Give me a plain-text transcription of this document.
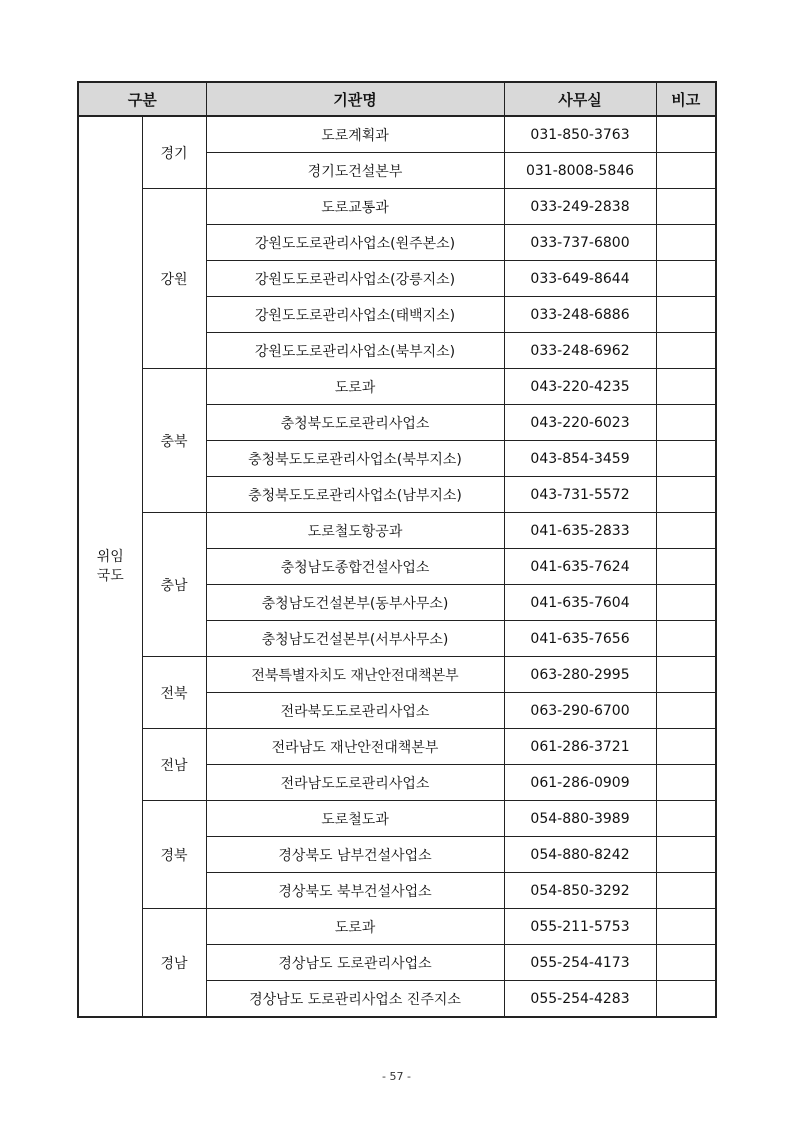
구분		기관명	사무실	비고

위임
국도	경기	도로계획과	031-850-3763	
		경기도건설본부	031-8008-5846	
	강원	도로교통과	033-249-2838	
		강원도도로관리사업소(원주본소)	033-737-6800	
		강원도도로관리사업소(강릉지소)	033-649-8644	
		강원도도로관리사업소(태백지소)	033-248-6886	
		강원도도로관리사업소(북부지소)	033-248-6962	
	충북	도로과	043-220-4235	
		충청북도도로관리사업소	043-220-6023	
		충청북도도로관리사업소(북부지소)	043-854-3459	
		충청북도도로관리사업소(남부지소)	043-731-5572	
	충남	도로철도항공과	041-635-2833	
		충청남도종합건설사업소	041-635-7624	
		충청남도건설본부(동부사무소)	041-635-7604	
		충청남도건설본부(서부사무소)	041-635-7656	
	전북	전북특별자치도 재난안전대책본부	063-280-2995	
		전라북도도로관리사업소	063-290-6700	
	전남	전라남도 재난안전대책본부	061-286-3721	
		전라남도도로관리사업소	061-286-0909	
	경북	도로철도과	054-880-3989	
		경상북도 남부건설사업소	054-880-8242	
		경상북도 북부건설사업소	054-850-3292	
	경남	도로과	055-211-5753	
		경상남도 도로관리사업소	055-254-4173	
		경상남도 도로관리사업소 진주지소	055-254-4283	
- 57 -
